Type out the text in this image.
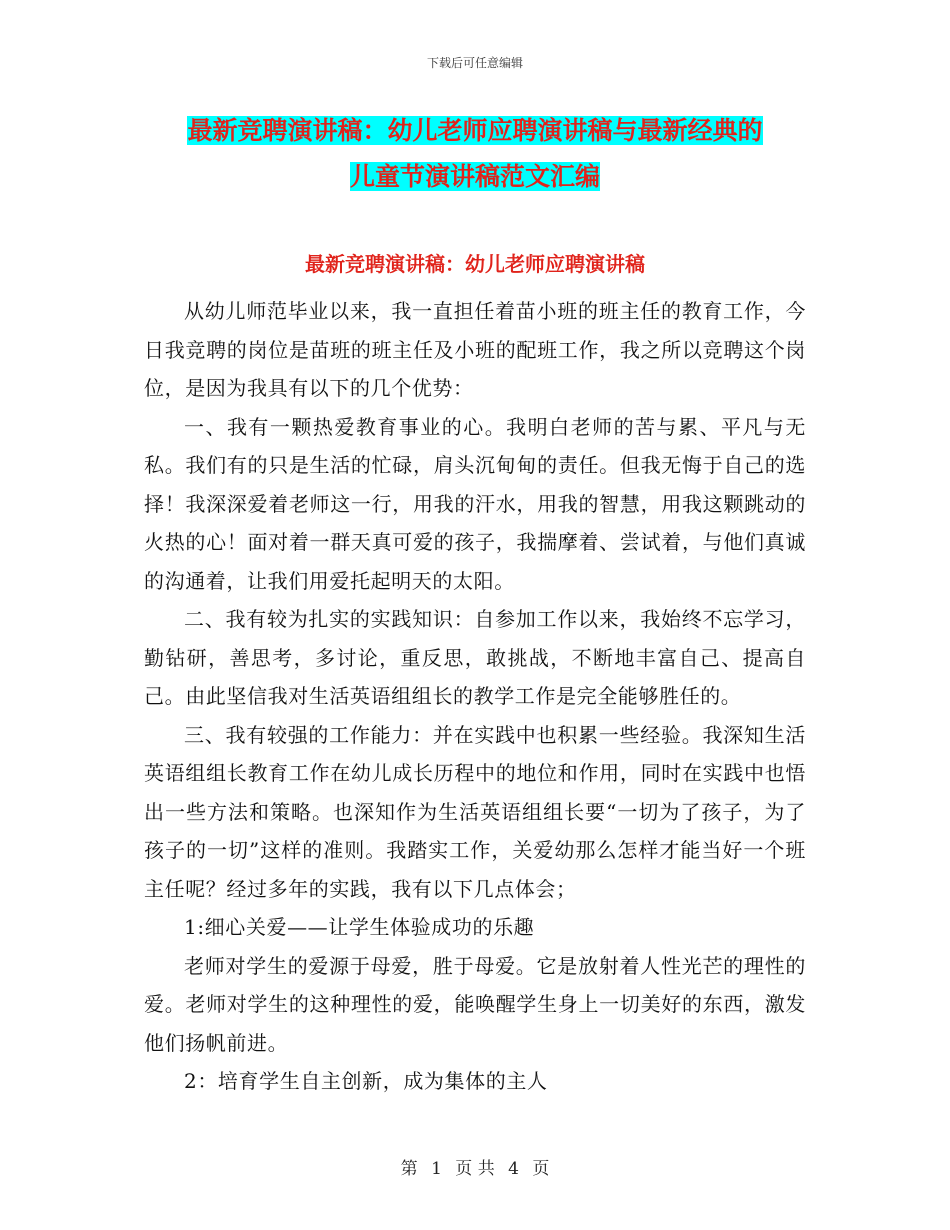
下载后可任意编辑
最新竞聘演讲稿：幼儿老师应聘演讲稿与最新经典的
儿童节演讲稿范文汇编
最新竞聘演讲稿：幼儿老师应聘演讲稿

从幼儿师范毕业以来，我一直担任着苗小班的班主任的教育工作，今日我竞聘的岗位是苗班的班主任及小班的配班工作，我之所以竞聘这个岗位，是因为我具有以下的几个优势：

一、我有一颗热爱教育事业的心。我明白老师的苦与累、平凡与无私。我们有的只是生活的忙碌，肩头沉甸甸的责任。但我无悔于自己的选择！我深深爱着老师这一行，用我的汗水，用我的智慧，用我这颗跳动的火热的心！面对着一群天真可爱的孩子，我揣摩着、尝试着，与他们真诚的沟通着，让我们用爱托起明天的太阳。

二、我有较为扎实的实践知识：自参加工作以来，我始终不忘学习，勤钻研，善思考，多讨论，重反思，敢挑战，不断地丰富自己、提高自己。由此坚信我对生活英语组组长的教学工作是完全能够胜任的。

三、我有较强的工作能力：并在实践中也积累一些经验。我深知生活英语组组长教育工作在幼儿成长历程中的地位和作用，同时在实践中也悟出一些方法和策略。也深知作为生活英语组组长要“一切为了孩子，为了孩子的一切”这样的准则。我踏实工作，关爱幼那么怎样才能当好一个班主任呢？经过多年的实践，我有以下几点体会；

1:细心关爱——让学生体验成功的乐趣

老师对学生的爱源于母爱，胜于母爱。它是放射着人性光芒的理性的爱。老师对学生的这种理性的爱，能唤醒学生身上一切美好的东西，激发他们扬帆前进。

2：培育学生自主创新，成为集体的主人

第 1 页 共 4 页
